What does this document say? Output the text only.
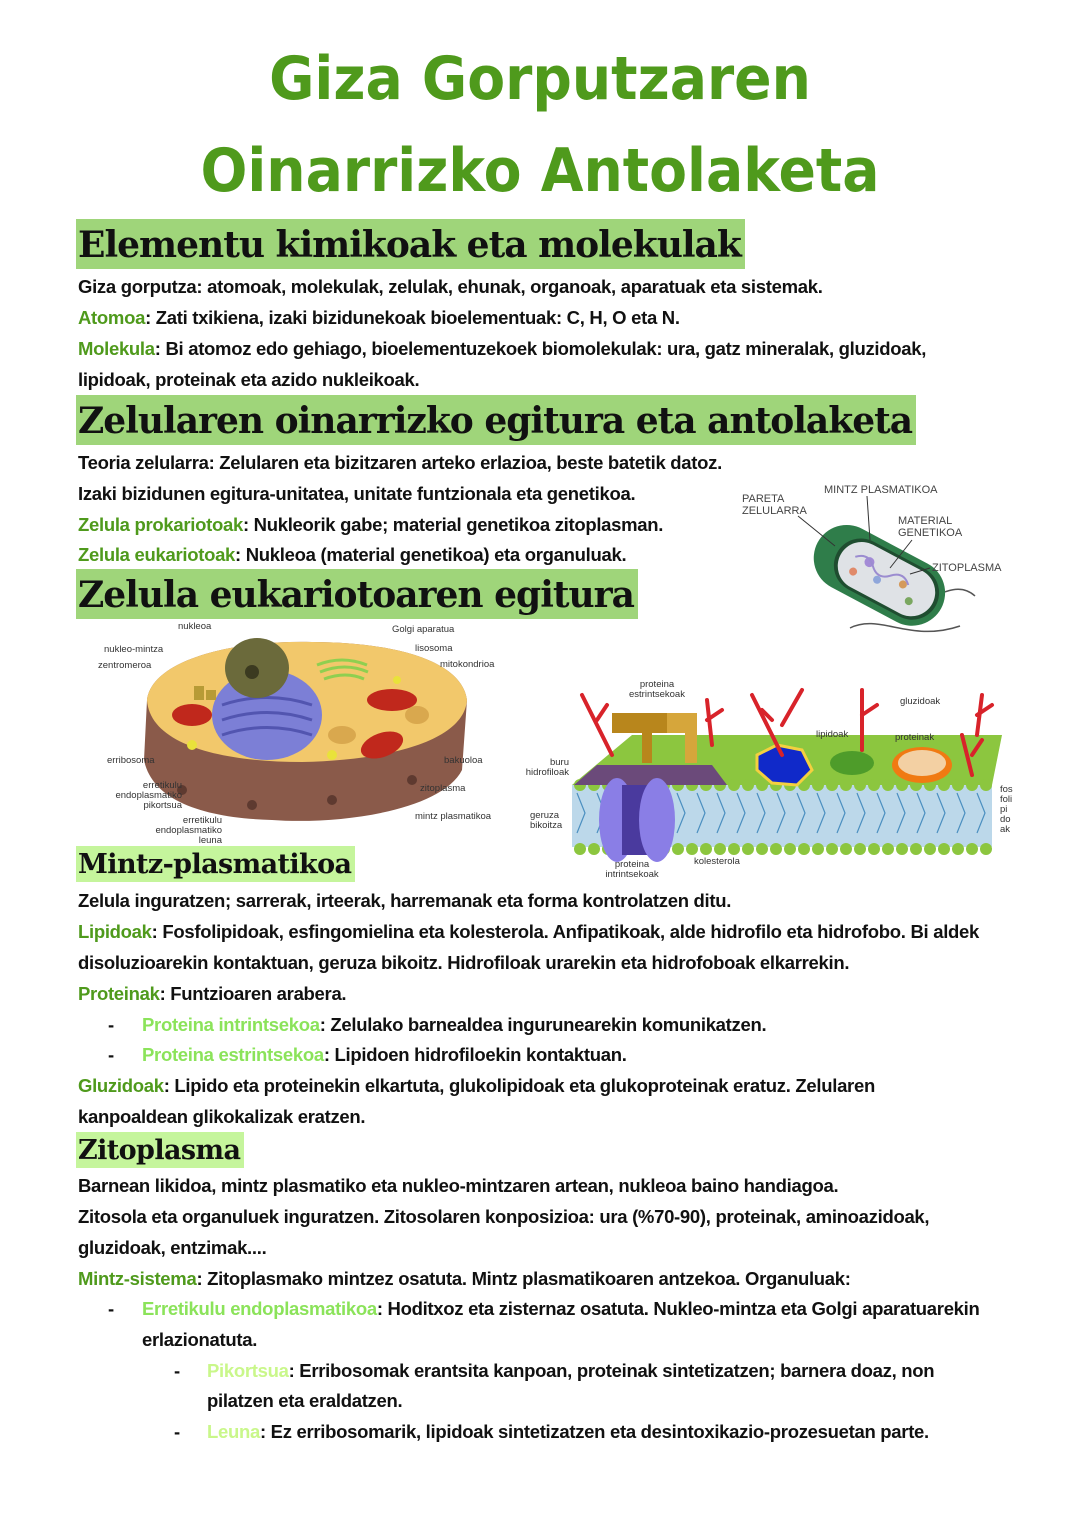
Giza Gorputzaren
Oinarrizko Antolaketa
Elementu kimikoak eta molekulak
Giza gorputza: atomoak, molekulak, zelulak, ehunak, organoak, aparatuak eta sistemak.
Atomoa: Zati txikiena, izaki bizidunekoak bioelementuak: C, H, O eta N.
Molekula: Bi atomoz edo gehiago, bioelementuzekoek biomolekulak: ura, gatz mineralak, gluzidoak,
lipidoak, proteinak eta azido nukleikoak.
Zelularen oinarrizko egitura eta antolaketa
Teoria zelularra: Zelularen eta bizitzaren arteko erlazioa, beste batetik datoz.
Izaki bizidunen egitura-unitatea, unitate funtzionala eta genetikoa.
Zelula prokariotoak: Nukleorik gabe; material genetikoa zitoplasman.
Zelula eukariotoak: Nukleoa (material genetikoa) eta organuluak.
PARETA
ZELULARRA
MINTZ PLASMATIKOA
MATERIAL
GENETIKOA
ZITOPLASMA
Zelula eukariotoaren egitura
nukleoa
nukleo-mintza
zentromeroa
Golgi aparatua
lisosoma
mitokondrioa
erribosoma	bakuoloa
erretikulu
endoplasmatiko
pikortsua
zitoplasma
erretikulu
endoplasmatiko
leuna
mintz plasmatikoa
proteina
estrintsekoak
gluzidoak
lipidoak	proteinak
buru
hidrofiloak
geruza
bikoitza
fos
foli
pi
do
ak
proteina
intrintsekoak
kolesterola
Mintz-plasmatikoa
Zelula inguratzen; sarrerak, irteerak, harremanak eta forma kontrolatzen ditu.
Lipidoak: Fosfolipidoak, esfingomielina eta kolesterola. Anfipatikoak, alde hidrofilo eta hidrofobo. Bi aldek
disoluzioarekin kontaktuan, geruza bikoitz. Hidrofiloak urarekin eta hidrofoboak elkarrekin.
Proteinak: Funtzioaren arabera.
- Proteina intrintsekoa: Zelulako barnealdea ingurunearekin komunikatzen.
- Proteina estrintsekoa: Lipidoen hidrofiloekin kontaktuan.
Gluzidoak: Lipido eta proteinekin elkartuta, glukolipidoak eta glukoproteinak eratuz. Zelularen
kanpoaldean glikokalizak eratzen.
Zitoplasma
Barnean likidoa, mintz plasmatiko eta nukleo-mintzaren artean, nukleoa baino handiagoa.
Zitosola eta organuluek inguratzen. Zitosolaren konposizioa: ura (%70-90), proteinak, aminoazidoak,
gluzidoak, entzimak....
Mintz-sistema: Zitoplasmako mintzez osatuta. Mintz plasmatikoaren antzekoa. Organuluak:
- Erretikulu endoplasmatikoa: Hoditxoz eta zisternaz osatuta. Nukleo-mintza eta Golgi aparatuarekin
erlazionatuta.
- Pikortsua: Erribosomak erantsita kanpoan, proteinak sintetizatzen; barnera doaz, non
pilatzen eta eraldatzen.
- Leuna: Ez erribosomarik, lipidoak sintetizatzen eta desintoxikazio-prozesuetan parte.
